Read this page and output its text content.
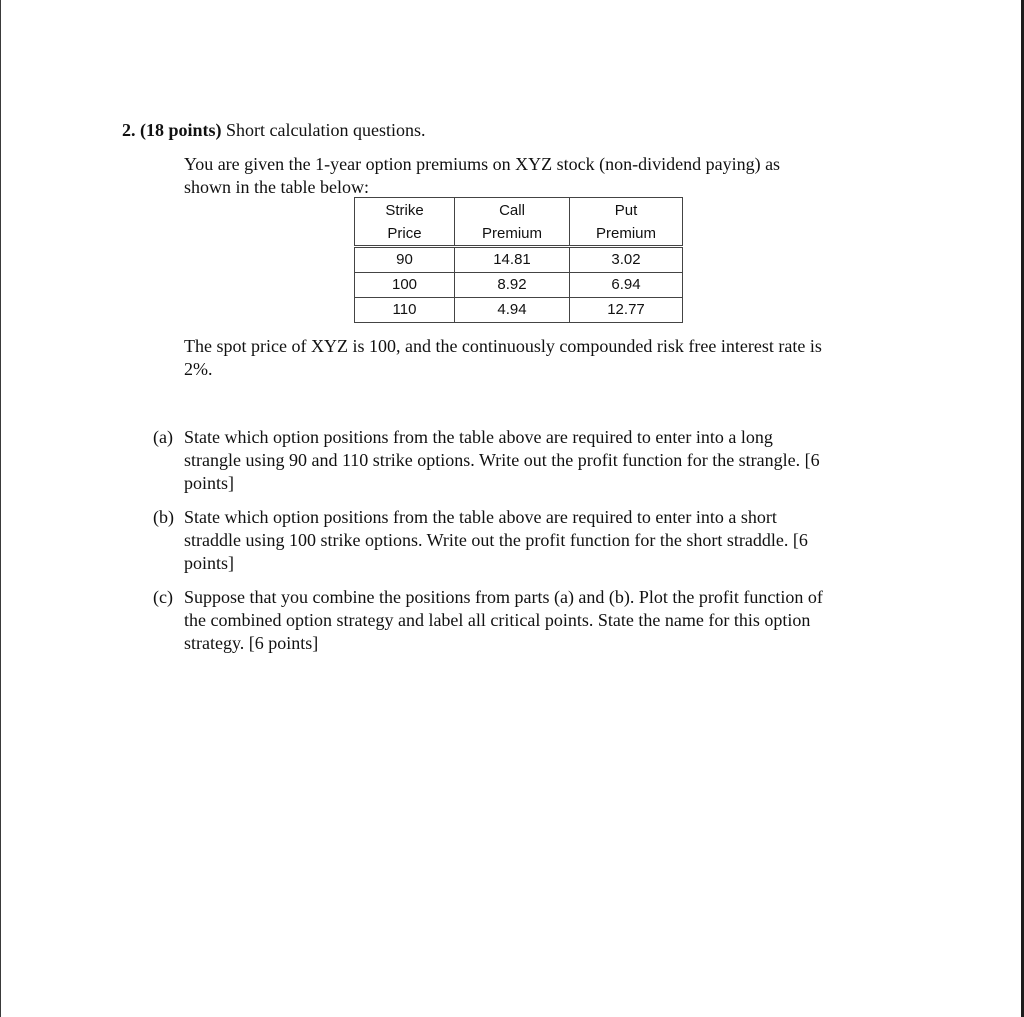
2. (18 points) Short calculation questions.
You are given the 1-year option premiums on XYZ stock (non-dividend paying) as
shown in the table below:
Strike	Call	Put
Price	Premium	Premium
90	14.81	3.02
100	8.92	6.94
110	4.94	12.77
The spot price of XYZ is 100, and the continuously compounded risk free interest rate is
2%.
(a) State which option positions from the table above are required to enter into a long
strangle using 90 and 110 strike options. Write out the profit function for the strangle. [6
points]
(b) State which option positions from the table above are required to enter into a short
straddle using 100 strike options. Write out the profit function for the short straddle. [6
points]
(c) Suppose that you combine the positions from parts (a) and (b). Plot the profit function of
the combined option strategy and label all critical points. State the name for this option
strategy. [6 points]
